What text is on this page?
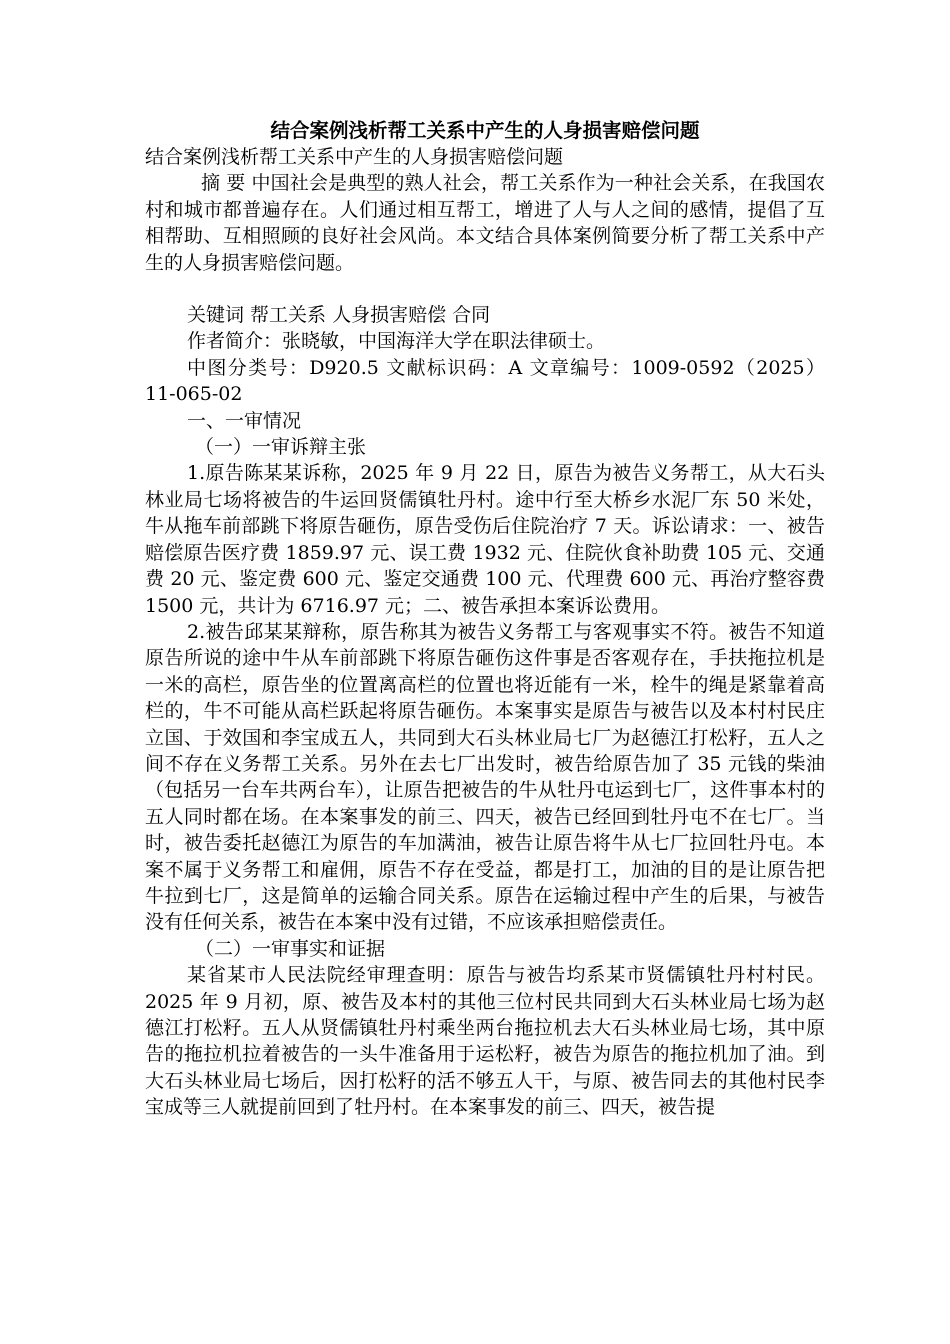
结合案例浅析帮工关系中产生的人身损害赔偿问题

结合案例浅析帮工关系中产生的人身损害赔偿问题

摘 要 中国社会是典型的熟人社会，帮工关系作为一种社会关系，在我国农村和城市都普遍存在。人们通过相互帮工，增进了人与人之间的感情，提倡了互相帮助、互相照顾的良好社会风尚。本文结合具体案例简要分析了帮工关系中产生的人身损害赔偿问题。

关键词 帮工关系 人身损害赔偿 合同

作者简介：张晓敏，中国海洋大学在职法律硕士。

中图分类号：D920.5 文献标识码：A 文章编号：1009-0592（2025）11-065-02

一、一审情况

（一）一审诉辩主张

1.原告陈某某诉称，2025 年 9 月 22 日，原告为被告义务帮工，从大石头林业局七场将被告的牛运回贤儒镇牡丹村。途中行至大桥乡水泥厂东 50 米处，牛从拖车前部跳下将原告砸伤，原告受伤后住院治疗 7 天。诉讼请求：一、被告赔偿原告医疗费 1859.97 元、误工费 1932 元、住院伙食补助费 105 元、交通费 20 元、鉴定费 600 元、鉴定交通费 100 元、代理费 600 元、再治疗整容费 1500 元，共计为 6716.97 元；二、被告承担本案诉讼费用。

2.被告邱某某辩称，原告称其为被告义务帮工与客观事实不符。被告不知道原告所说的途中牛从车前部跳下将原告砸伤这件事是否客观存在，手扶拖拉机是一米的高栏，原告坐的位置离高栏的位置也将近能有一米，栓牛的绳是紧靠着高栏的，牛不可能从高栏跃起将原告砸伤。本案事实是原告与被告以及本村村民庄立国、于效国和李宝成五人，共同到大石头林业局七厂为赵德江打松籽，五人之间不存在义务帮工关系。另外在去七厂出发时，被告给原告加了 35 元钱的柴油（包括另一台车共两台车），让原告把被告的牛从牡丹屯运到七厂，这件事本村的五人同时都在场。在本案事发的前三、四天，被告已经回到牡丹屯不在七厂。当时，被告委托赵德江为原告的车加满油，被告让原告将牛从七厂拉回牡丹屯。本案不属于义务帮工和雇佣，原告不存在受益，都是打工，加油的目的是让原告把牛拉到七厂，这是简单的运输合同关系。原告在运输过程中产生的后果，与被告没有任何关系，被告在本案中没有过错，不应该承担赔偿责任。

（二）一审事实和证据

某省某市人民法院经审理查明：原告与被告均系某市贤儒镇牡丹村村民。2025 年 9 月初，原、被告及本村的其他三位村民共同到大石头林业局七场为赵德江打松籽。五人从贤儒镇牡丹村乘坐两台拖拉机去大石头林业局七场，其中原告的拖拉机拉着被告的一头牛准备用于运松籽，被告为原告的拖拉机加了油。到大石头林业局七场后，因打松籽的活不够五人干，与原、被告同去的其他村民李宝成等三人就提前回到了牡丹村。在本案事发的前三、四天，被告提
